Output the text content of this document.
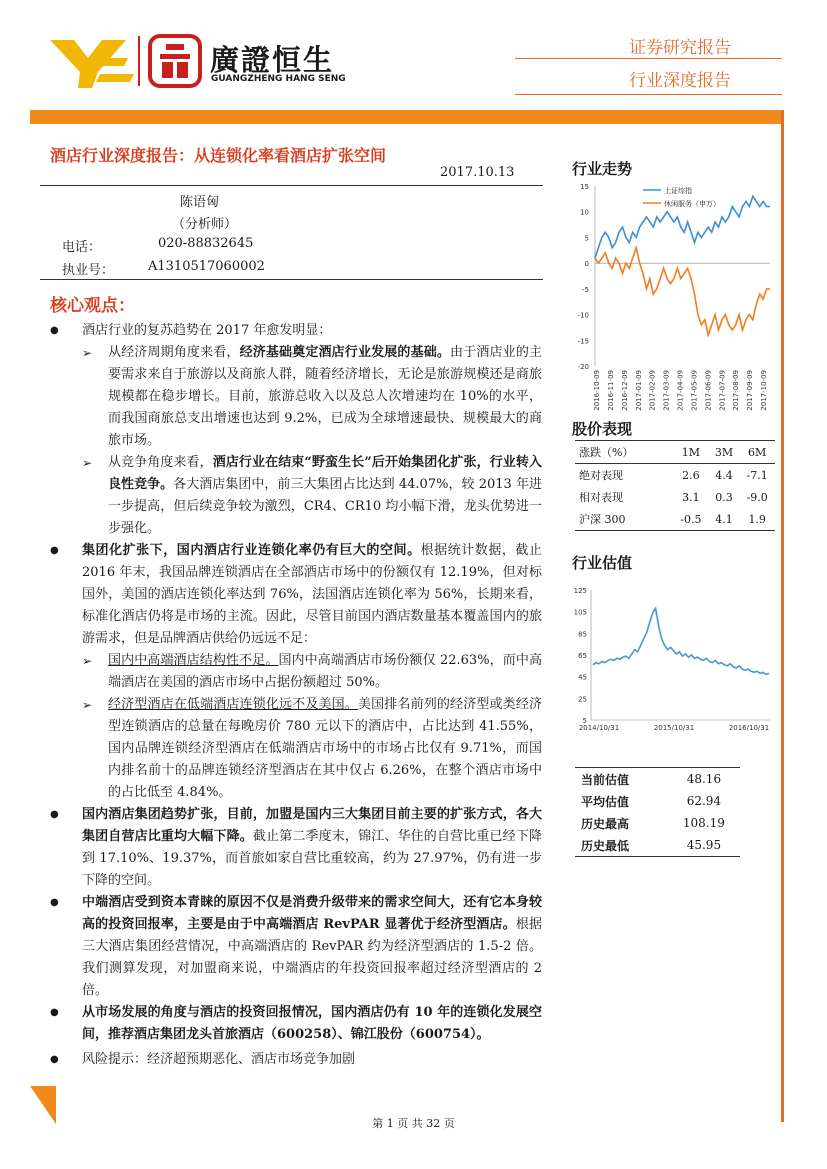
廣證恒生
GUANGZHENG HANG SENG
证券研究报告
行业深度报告
酒店行业深度报告：从连锁化率看酒店扩张空间
2017.10.13
陈语匈
（分析师）
电话：	020-88832645
执业号：	A1310517060002
核心观点：
● 酒店行业的复苏趋势在 2017 年愈发明显：
➢ 从经济周期角度来看，经济基础奠定酒店行业发展的基础。由于酒店业的主要需求来自于旅游以及商旅人群，随着经济增长，无论是旅游规模还是商旅规模都在稳步增长。目前，旅游总收入以及总人次增速均在 10%的水平，而我国商旅总支出增速也达到 9.2%，已成为全球增速最快、规模最大的商旅市场。
➢ 从竞争角度来看，酒店行业在结束“野蛮生长”后开始集团化扩张，行业转入良性竞争。各大酒店集团中，前三大集团占比达到 44.07%，较 2013 年进一步提高，但后续竞争较为激烈，CR4、CR10 均小幅下滑，龙头优势进一步强化。
● 集团化扩张下，国内酒店行业连锁化率仍有巨大的空间。根据统计数据，截止 2016 年末，我国品牌连锁酒店在全部酒店市场中的份额仅有 12.19%，但对标国外，美国的酒店连锁化率达到 76%，法国酒店连锁化率为 56%，长期来看，标准化酒店仍将是市场的主流。因此，尽管目前国内酒店数量基本覆盖国内的旅游需求，但是品牌酒店供给仍远远不足：
➢ 国内中高端酒店结构性不足。国内中高端酒店市场份额仅 22.63%，而中高端酒店在美国的酒店市场中占据份额超过 50%。
➢ 经济型酒店在低端酒店连锁化远不及美国。美国排名前列的经济型或类经济型连锁酒店的总量在每晚房价 780 元以下的酒店中，占比达到 41.55%，国内品牌连锁经济型酒店在低端酒店市场中的市场占比仅有 9.71%，而国内排名前十的品牌连锁经济型酒店在其中仅占 6.26%，在整个酒店市场中的占比低至 4.84%。
● 国内酒店集团趋势扩张，目前，加盟是国内三大集团目前主要的扩张方式，各大集团自营店比重均大幅下降。截止第二季度末，锦江、华住的自营比重已经下降到 17.10%、19.37%，而首旅如家自营比重较高，约为 27.97%，仍有进一步下降的空间。
● 中端酒店受到资本青睐的原因不仅是消费升级带来的需求空间大，还有它本身较高的投资回报率，主要是由于中高端酒店 RevPAR 显著优于经济型酒店。根据三大酒店集团经营情况，中高端酒店的 RevPAR 约为经济型酒店的 1.5-2 倍。我们测算发现，对加盟商来说，中端酒店的年投资回报率超过经济型酒店的 2 倍。
● 从市场发展的角度与酒店的投资回报情况，国内酒店仍有 10 年的连锁化发展空间，推荐酒店集团龙头首旅酒店（600258）、锦江股份（600754）。
● 风险提示：经济超预期恶化、酒店市场竞争加剧
行业走势
15
10
5
0
-5
-10
-15
-20
2016-10-09 2016-11-09 2016-12-09 2017-01-09 2017-02-09 2017-03-09 2017-04-09 2017-05-09 2017-06-09 2017-07-09 2017-08-09 2017-09-09 2017-10-09
上证综指
休闲服务（申万）
股价表现
涨跌（%）	1M	3M	6M
绝对表现	2.6	4.4	-7.1
相对表现	3.1	0.3	-9.0
沪深 300	-0.5	4.1	1.9
行业估值
125
105
85
65
45
25
5
2014/10/31	2015/10/31	2016/10/31
当前估值	48.16
平均估值	62.94
历史最高	108.19
历史最低	45.95
第 1 页 共 32 页
